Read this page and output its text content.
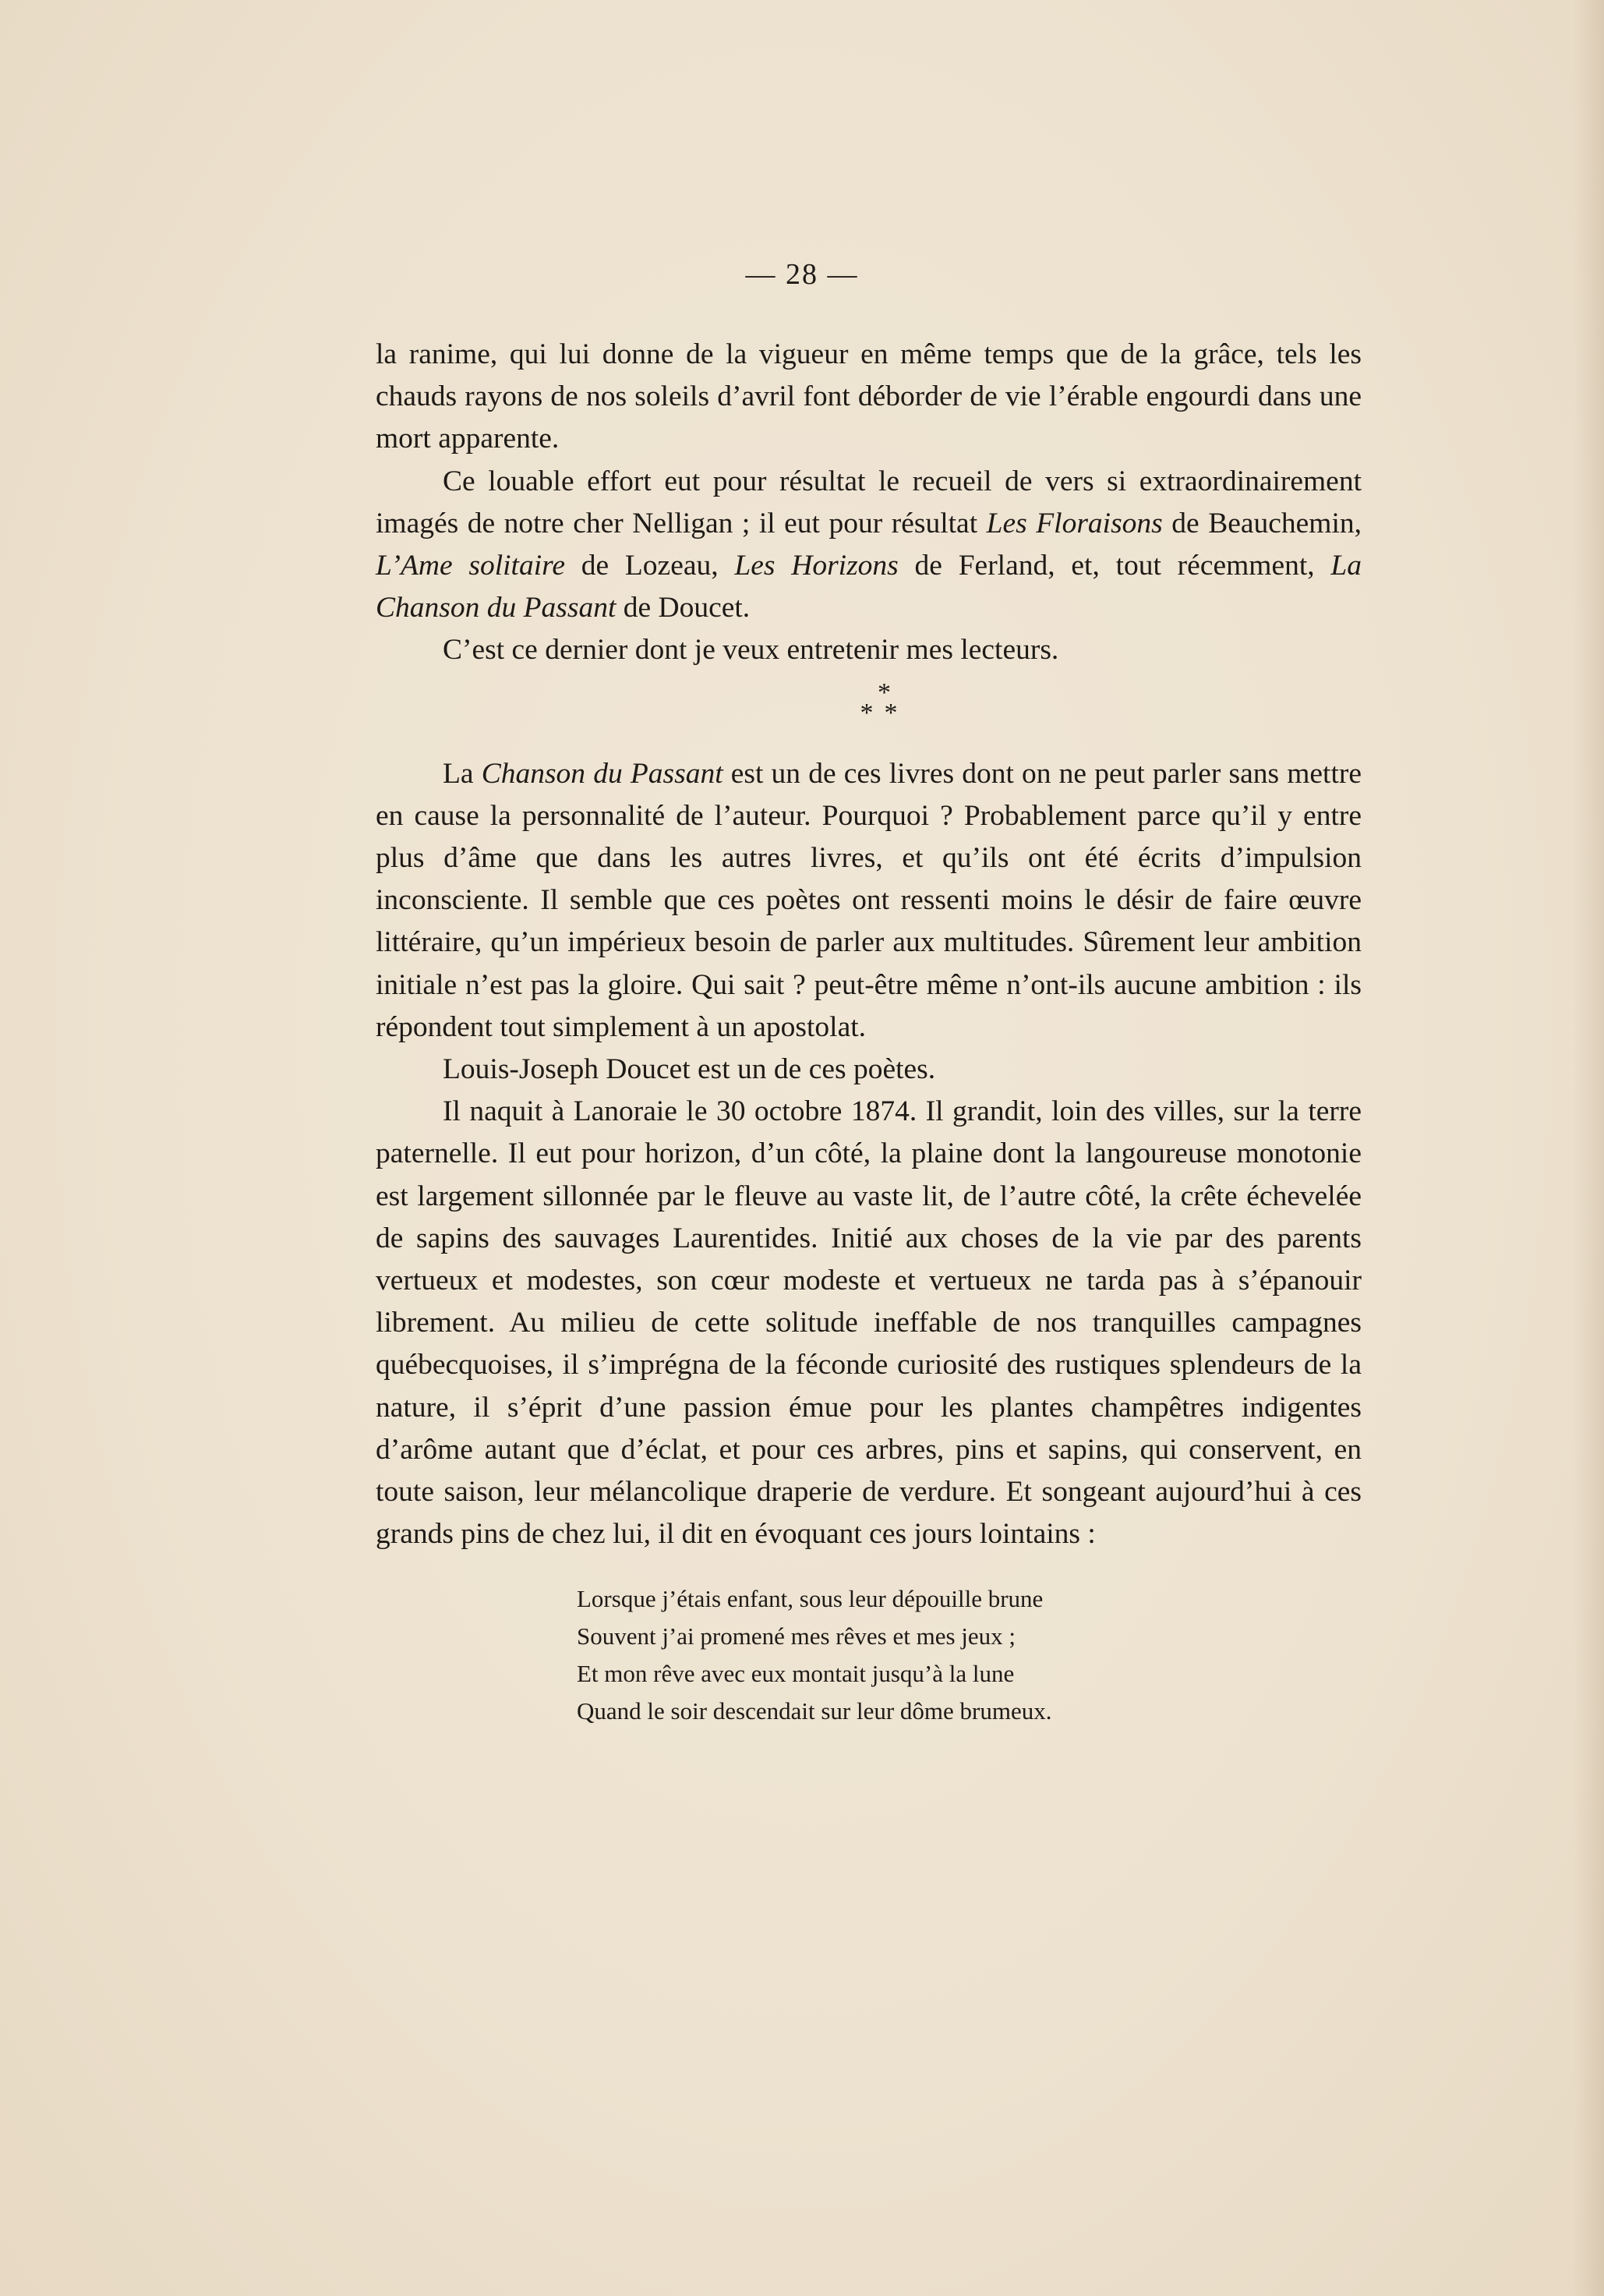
— 28 —

la ranime, qui lui donne de la vigueur en même temps que de la grâce, tels les chauds rayons de nos soleils d’avril font déborder de vie l’érable engourdi dans une mort apparente.

Ce louable effort eut pour résultat le recueil de vers si extraordinairement imagés de notre cher Nelligan ; il eut pour résultat Les Floraisons de Beauchemin, L’Ame solitaire de Lozeau, Les Horizons de Ferland, et, tout récemment, La Chanson du Passant de Doucet.

C’est ce dernier dont je veux entretenir mes lecteurs.

*
**

La Chanson du Passant est un de ces livres dont on ne peut parler sans mettre en cause la personnalité de l’auteur. Pourquoi ? Probablement parce qu’il y entre plus d’âme que dans les autres livres, et qu’ils ont été écrits d’impulsion inconsciente. Il semble que ces poètes ont ressenti moins le désir de faire œuvre littéraire, qu’un impérieux besoin de parler aux multitudes. Sûrement leur ambition initiale n’est pas la gloire. Qui sait ? peut-être même n’ont-ils aucune ambition : ils répondent tout simplement à un apostolat.

Louis-Joseph Doucet est un de ces poètes.

Il naquit à Lanoraie le 30 octobre 1874. Il grandit, loin des villes, sur la terre paternelle. Il eut pour horizon, d’un côté, la plaine dont la langoureuse monotonie est largement sillonnée par le fleuve au vaste lit, de l’autre côté, la crête échevelée de sapins des sauvages Laurentides. Initié aux choses de la vie par des parents vertueux et modestes, son cœur modeste et vertueux ne tarda pas à s’épanouir librement. Au milieu de cette solitude ineffable de nos tranquilles campagnes québecquoises, il s’imprégna de la féconde curiosité des rustiques splendeurs de la nature, il s’éprit d’une passion émue pour les plantes champêtres indigentes d’arôme autant que d’éclat, et pour ces arbres, pins et sapins, qui conservent, en toute saison, leur mélancolique draperie de verdure. Et songeant aujourd’hui à ces grands pins de chez lui, il dit en évoquant ces jours lointains :

Lorsque j’étais enfant, sous leur dépouille brune
Souvent j’ai promené mes rêves et mes jeux ;
Et mon rêve avec eux montait jusqu’à la lune
Quand le soir descendait sur leur dôme brumeux.
